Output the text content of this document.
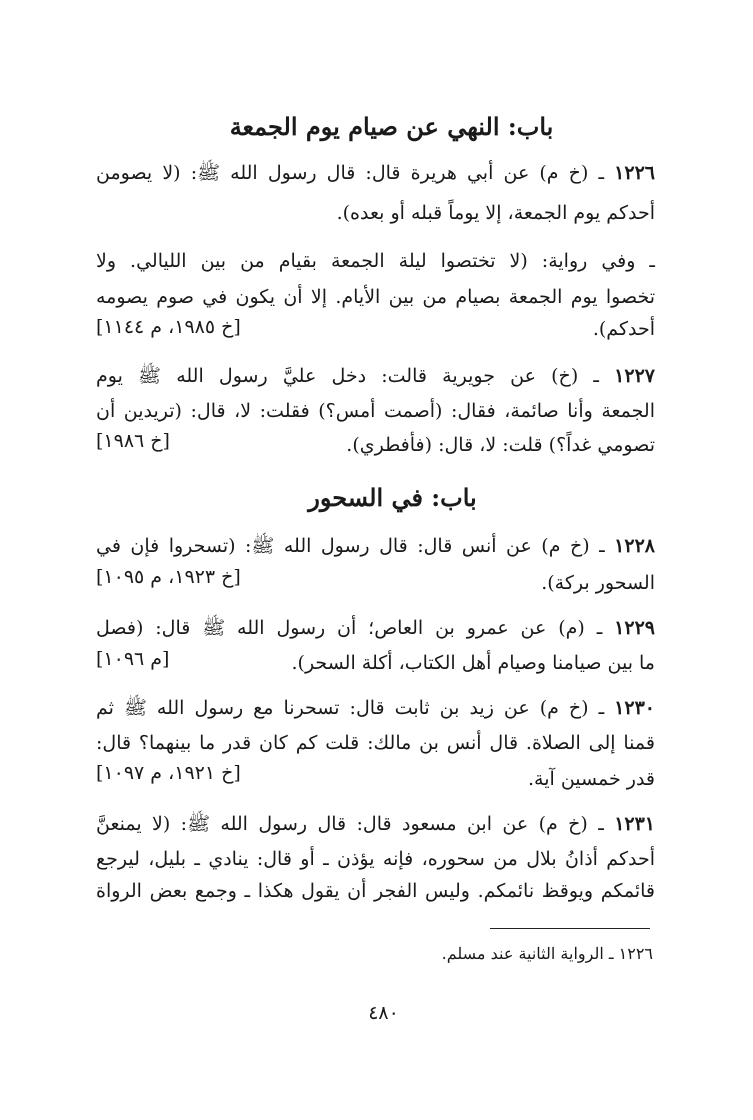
باب: النهي عن صيام يوم الجمعة
١٢٢٦ ـ (خ م) عن أبي هريرة قال: قال رسول الله ﷺ: (لا يصومن
أحدكم يوم الجمعة، إلا يوماً قبله أو بعده).
ـ وفي رواية: (لا تختصوا ليلة الجمعة بقيام من بين الليالي. ولا
تخصوا يوم الجمعة بصيام من بين الأيام. إلا أن يكون في صوم يصومه
أحدكم).
[خ ١٩٨٥، م ١١٤٤]
١٢٢٧ ـ (خ) عن جويرية قالت: دخل عليَّ رسول الله ﷺ يوم
الجمعة وأنا صائمة، فقال: (أصمت أمس؟) فقلت: لا، قال: (تريدين أن
تصومي غداً؟) قلت: لا، قال: (فأفطري).
[خ ١٩٨٦]
باب: في السحور
١٢٢٨ ـ (خ م) عن أنس قال: قال رسول الله ﷺ: (تسحروا فإن في
السحور بركة).
[خ ١٩٢٣، م ١٠٩٥]
١٢٢٩ ـ (م) عن عمرو بن العاص؛ أن رسول الله ﷺ قال: (فصل
ما بين صيامنا وصيام أهل الكتاب، أكلة السحر).
[م ١٠٩٦]
١٢٣٠ ـ (خ م) عن زيد بن ثابت قال: تسحرنا مع رسول الله ﷺ ثم
قمنا إلى الصلاة. قال أنس بن مالك: قلت كم كان قدر ما بينهما؟ قال:
قدر خمسين آية.
[خ ١٩٢١، م ١٠٩٧]
١٢٣١ ـ (خ م) عن ابن مسعود قال: قال رسول الله ﷺ: (لا يمنعنَّ
أحدكم أذانُ بلال من سحوره، فإنه يؤذن ـ أو قال: ينادي ـ بليل، ليرجع
قائمكم ويوقظ نائمكم. وليس الفجر أن يقول هكذا ـ وجمع بعض الرواة
١٢٢٦ ـ الرواية الثانية عند مسلم.
٤٨٠
